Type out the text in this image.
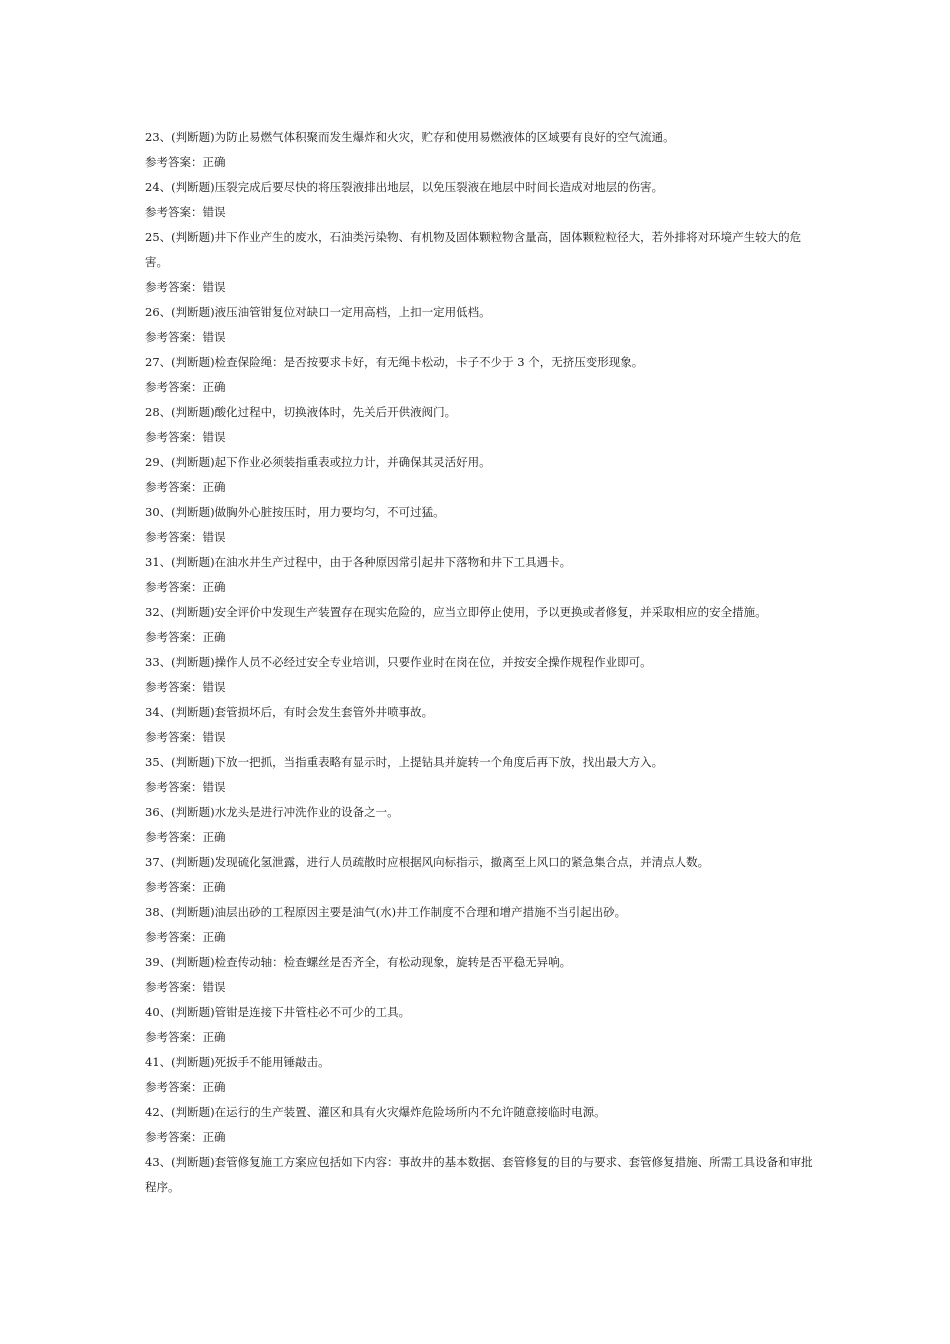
23、(判断题)为防止易燃气体积聚而发生爆炸和火灾，贮存和使用易燃液体的区域要有良好的空气流通。
参考答案：正确
24、(判断题)压裂完成后要尽快的将压裂液排出地层，以免压裂液在地层中时间长造成对地层的伤害。
参考答案：错误
25、(判断题)井下作业产生的废水，石油类污染物、有机物及固体颗粒物含量高，固体颗粒粒径大，若外排将对环境产生较大的危害。
参考答案：错误
26、(判断题)液压油管钳复位对缺口一定用高档，上扣一定用低档。
参考答案：错误
27、(判断题)检查保险绳：是否按要求卡好，有无绳卡松动，卡子不少于 3 个，无挤压变形现象。
参考答案：正确
28、(判断题)酸化过程中，切换液体时，先关后开供液阀门。
参考答案：错误
29、(判断题)起下作业必须装指重表或拉力计，并确保其灵活好用。
参考答案：正确
30、(判断题)做胸外心脏按压时，用力要均匀，不可过猛。
参考答案：错误
31、(判断题)在油水井生产过程中，由于各种原因常引起井下落物和井下工具遇卡。
参考答案：正确
32、(判断题)安全评价中发现生产装置存在现实危险的，应当立即停止使用，予以更换或者修复，并采取相应的安全措施。
参考答案：正确
33、(判断题)操作人员不必经过安全专业培训，只要作业时在岗在位，并按安全操作规程作业即可。
参考答案：错误
34、(判断题)套管损坏后，有时会发生套管外井喷事故。
参考答案：错误
35、(判断题)下放一把抓，当指重表略有显示时，上提钻具并旋转一个角度后再下放，找出最大方入。
参考答案：错误
36、(判断题)水龙头是进行冲洗作业的设备之一。
参考答案：正确
37、(判断题)发现硫化氢泄露，进行人员疏散时应根据风向标指示，撤离至上风口的紧急集合点，并清点人数。
参考答案：正确
38、(判断题)油层出砂的工程原因主要是油气(水)井工作制度不合理和增产措施不当引起出砂。
参考答案：正确
39、(判断题)检查传动轴：检查螺丝是否齐全，有松动现象，旋转是否平稳无异响。
参考答案：错误
40、(判断题)管钳是连接下井管柱必不可少的工具。
参考答案：正确
41、(判断题)死扳手不能用锤敲击。
参考答案：正确
42、(判断题)在运行的生产装置、灌区和具有火灾爆炸危险场所内不允许随意接临时电源。
参考答案：正确
43、(判断题)套管修复施工方案应包括如下内容：事故井的基本数据、套管修复的目的与要求、套管修复措施、所需工具设备和审批程序。
